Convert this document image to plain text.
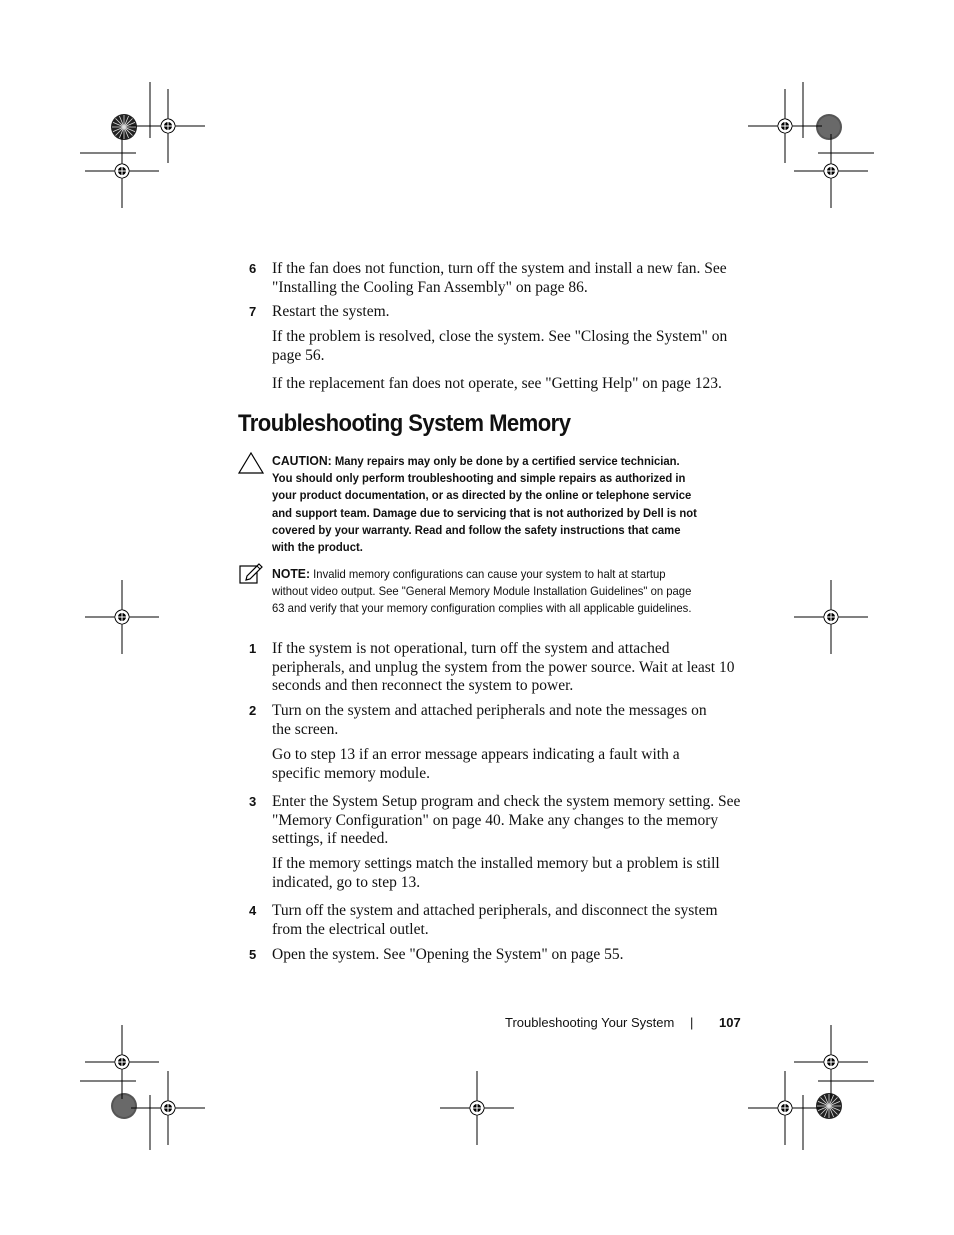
6 If the fan does not function, turn off the system and install a new fan. See "Installing the Cooling Fan Assembly" on page 86.
7 Restart the system.
If the problem is resolved, close the system. See "Closing the System" on page 56.
If the replacement fan does not operate, see "Getting Help" on page 123.
Troubleshooting System Memory
CAUTION: Many repairs may only be done by a certified service technician. You should only perform troubleshooting and simple repairs as authorized in your product documentation, or as directed by the online or telephone service and support team. Damage due to servicing that is not authorized by Dell is not covered by your warranty. Read and follow the safety instructions that came with the product.
NOTE: Invalid memory configurations can cause your system to halt at startup without video output. See "General Memory Module Installation Guidelines" on page 63 and verify that your memory configuration complies with all applicable guidelines.
1 If the system is not operational, turn off the system and attached peripherals, and unplug the system from the power source. Wait at least 10 seconds and then reconnect the system to power.
2 Turn on the system and attached peripherals and note the messages on the screen.
Go to step 13 if an error message appears indicating a fault with a specific memory module.
3 Enter the System Setup program and check the system memory setting. See "Memory Configuration" on page 40. Make any changes to the memory settings, if needed.
If the memory settings match the installed memory but a problem is still indicated, go to step 13.
4 Turn off the system and attached peripherals, and disconnect the system from the electrical outlet.
5 Open the system. See "Opening the System" on page 55.
Troubleshooting Your System | 107
